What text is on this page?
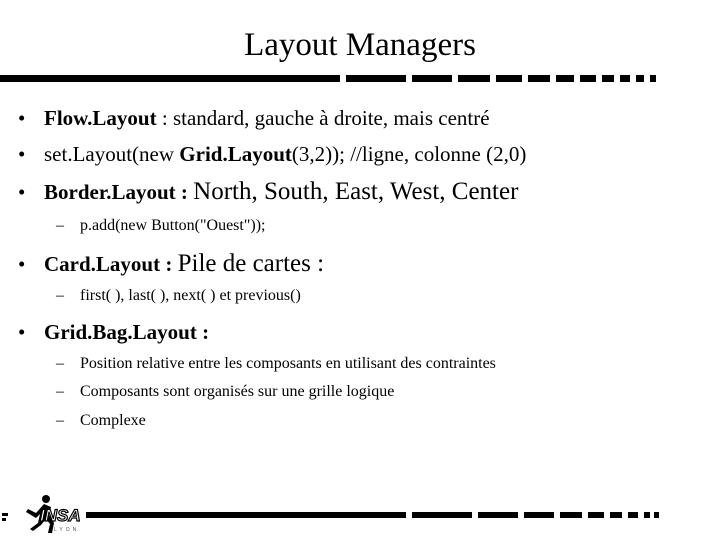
Layout Managers
• Flow.Layout : standard, gauche à droite, mais centré
• set.Layout(new Grid.Layout(3,2)); //ligne, colonne (2,0)
• Border.Layout : North, South, East, West, Center
– p.add(new Button("Ouest"));
• Card.Layout : Pile de cartes :
– first( ), last( ), next( ) et previous()
• Grid.Bag.Layout :
– Position relative entre les composants en utilisant des contraintes
– Composants sont organisés sur une grille logique
– Complexe
INSA
LYON
